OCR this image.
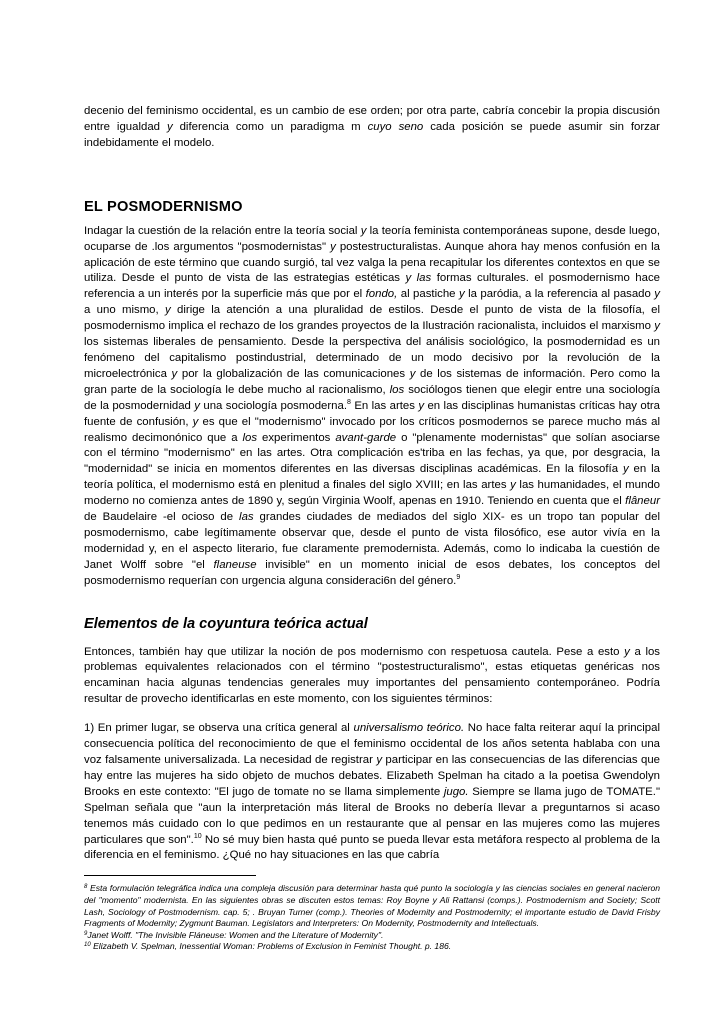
decenio del feminismo occidental, es un cambio de ese orden; por otra parte, cabría concebir la propia discusión entre igualdad y diferencia como un paradigma m cuyo seno cada posición se puede asumir sin forzar indebidamente el modelo.

EL POSMODERNISMO

Indagar la cuestión de la relación entre la teoría social y la teoría feminista contemporáneas supone, desde luego, ocuparse de .los argumentos "posmodernistas" y postestructuralistas. Aunque ahora hay menos confusión en la aplicación de este término que cuando surgió, tal vez valga la pena recapitular los diferentes contextos en que se utiliza. Desde el punto de vista de las estrategias estéticas y las formas culturales. el posmodernismo hace referencia a un interés por la superficie más que por el fondo, al pastiche y la paródia, a la referencia al pasado y a uno mismo, y dirige la atención a una pluralidad de estilos. Desde el punto de vista de la filosofía, el posmodernismo implica el rechazo de los grandes proyectos de la Ilustración racionalista, incluidos el marxismo y los sistemas liberales de pensamiento. Desde la perspectiva del análisis sociológico, la posmodernidad es un fenómeno del capitalismo postindustrial, determinado de un modo decisivo por la revolución de la microelectrónica y por la globalización de las comunicaciones y de los sistemas de información. Pero como la gran parte de la sociología le debe mucho al racionalismo, los sociólogos tienen que elegir entre una sociología de la posmodernidad y una sociología posmoderna.$^8$ En las artes y en las disciplinas humanistas críticas hay otra fuente de confusión, y es que el "modernismo" invocado por los críticos posmodernos se parece mucho más al realismo decimonónico que a los experimentos avant-garde o "plenamente modernistas" que solían asociarse con el término "modernismo" en las artes. Otra complicación es'triba en las fechas, ya que, por desgracia, la "modernidad" se inicia en momentos diferentes en las diversas disciplinas académicas. En la filosofía y en la teoría política, el modernismo está en plenitud a finales del siglo XVIII; en las artes y las humanidades, el mundo moderno no comienza antes de 1890 y, según Virginia Woolf, apenas en 1910. Teniendo en cuenta que el flâneur de Baudelaire -el ocioso de las grandes ciudades de mediados del siglo XIX- es un tropo tan popular del posmodernismo, cabe legítimamente observar que, desde el punto de vista filosófico, ese autor vivía en la modernidad y, en el aspecto literario, fue claramente premodernista. Además, como lo indicaba la cuestión de Janet Wolff sobre "el flaneuse invisible" en un momento inicial de esos debates, los conceptos del posmodernismo requerían con urgencia alguna consideraci6n del género.$^9$

Elementos de la coyuntura teórica actual

Entonces, también hay que utilizar la noción de pos modernismo con respetuosa cautela. Pese a esto y a los problemas equivalentes relacionados con el término "postestructuralismo", estas etiquetas genéricas nos encaminan hacia algunas tendencias generales muy importantes del pensamiento contemporáneo. Podría resultar de provecho identificarlas en este momento, con los siguientes términos:

1) En primer lugar, se observa una crítica general al universalismo teórico. No hace falta reiterar aquí la principal consecuencia política del reconocimiento de que el feminismo occidental de los años setenta hablaba con una voz falsamente universalizada. La necesidad de registrar y participar en las consecuencias de las diferencias que hay entre las mujeres ha sido objeto de muchos debates. Elizabeth Spelman ha citado a la poetisa Gwendolyn Brooks en este contexto: "El jugo de tomate no se llama simplemente jugo. Siempre se llama jugo de TOMATE." Spelman señala que "aun la interpretación más literal de Brooks no debería llevar a preguntarnos si acaso tenemos más cuidado con lo que pedimos en un restaurante que al pensar en las mujeres como las mujeres particulares que son".$^{10}$ No sé muy bien hasta qué punto se pueda llevar esta metáfora respecto al problema de la diferencia en el feminismo. ¿Qué no hay situaciones en las que cabría

$^8$ Esta formulación telegráfica indica una compleja discusión para determinar hasta qué punto la sociología y las ciencias sociales en general nacieron del "momento" modernista. En las siguientes obras se discuten estos temas: Roy Boyne y Ali Rattansi (comps.). Postmodernism and Society; Scott Lash, Sociology of Postmodernism. cap. 5; . Bruyan Turner (comp.). Theories of Modernity and Postmodernity; el importante estudio de David Frisby Fragments of Modernity; Zygmunt Bauman. Legislators and Interpreters: On Modernity, Postmodernity and Intellectuals.

$^9$Janet Wolff. "The Invisible Fláneuse: Women and the Literature of Modernity".

$^{10}$ Elizabeth V. Spelman, Inessential Woman: Problems of Exclusion in Feminist Thought. p. 186.
